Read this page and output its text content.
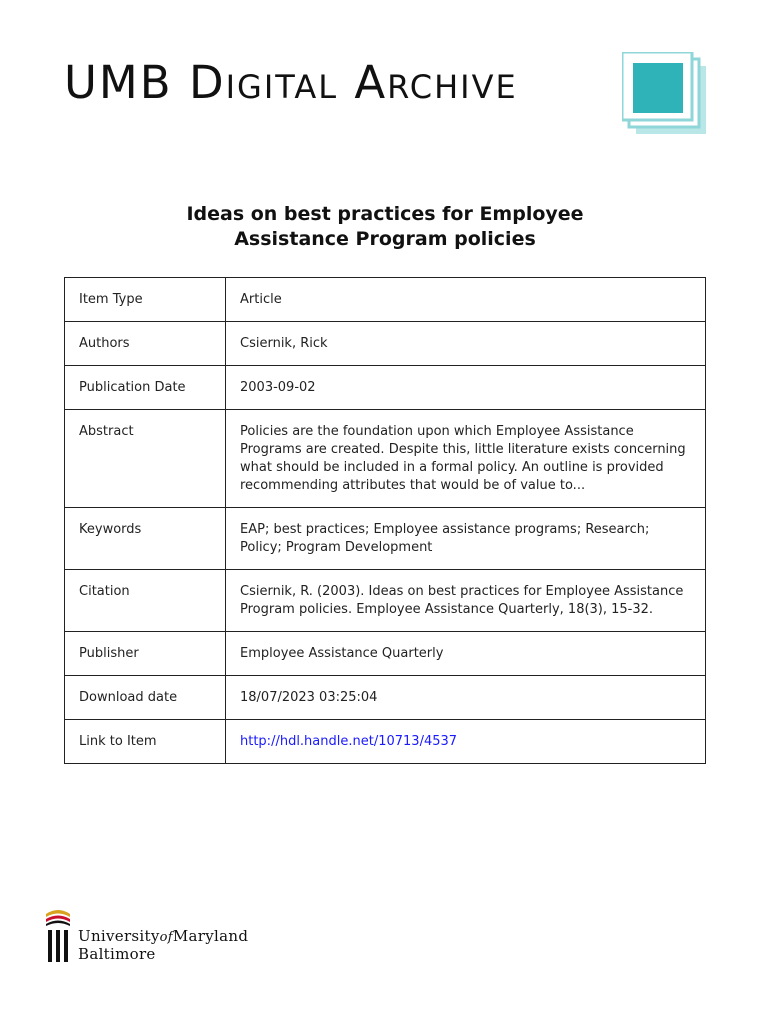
UMB Digital Archive
Ideas on best practices for Employee
Assistance Program policies
Item Type	Article
Authors	Csiernik, Rick
Publication Date	2003-09-02
Abstract	Policies are the foundation upon which Employee Assistance Programs are created. Despite this, little literature exists concerning what should be included in a formal policy. An outline is provided recommending attributes that would be of value to...
Keywords	EAP; best practices; Employee assistance programs; Research; Policy; Program Development
Citation	Csiernik, R. (2003). Ideas on best practices for Employee Assistance Program policies. Employee Assistance Quarterly, 18(3), 15-32.
Publisher	Employee Assistance Quarterly
Download date	18/07/2023 03:25:04
Link to Item	http://hdl.handle.net/10713/4537
UniversityofMaryland
Baltimore
